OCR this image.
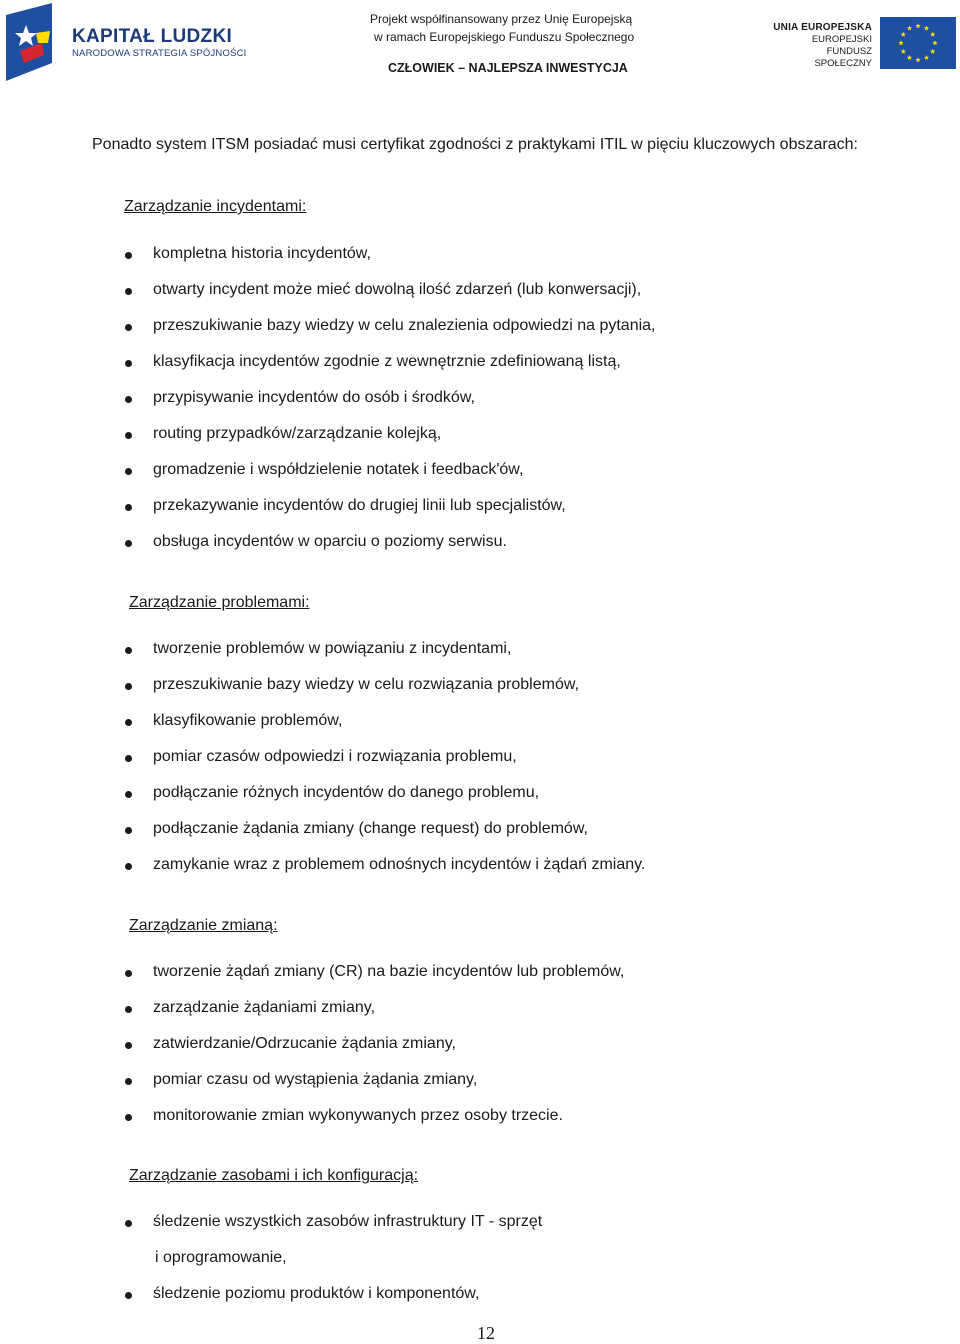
KAPITAŁ LUDZKI
NARODOWA STRATEGIA SPÓJNOŚCI
Projekt współfinansowany przez Unię Europejską
w ramach Europejskiego Funduszu Społecznego
CZŁOWIEK – NAJLEPSZA INWESTYCJA
UNIA EUROPEJSKA
EUROPEJSKI
FUNDUSZ SPOŁECZNY
Ponadto system ITSM posiadać musi certyfikat zgodności z praktykami ITIL w pięciu kluczowych obszarach:
Zarządzanie incydentami:
kompletna historia incydentów,
otwarty incydent może mieć dowolną ilość zdarzeń (lub konwersacji),
przeszukiwanie bazy wiedzy w celu znalezienia odpowiedzi na pytania,
klasyfikacja incydentów zgodnie z wewnętrznie zdefiniowaną listą,
przypisywanie incydentów do osób i środków,
routing przypadków/zarządzanie kolejką,
gromadzenie i współdzielenie notatek i feedback'ów,
przekazywanie incydentów do drugiej linii lub specjalistów,
obsługa incydentów w oparciu o poziomy serwisu.
Zarządzanie problemami:
tworzenie problemów w powiązaniu z incydentami,
przeszukiwanie bazy wiedzy w celu rozwiązania problemów,
klasyfikowanie problemów,
pomiar czasów odpowiedzi i rozwiązania problemu,
podłączanie różnych incydentów do danego problemu,
podłączanie żądania zmiany (change request) do problemów,
zamykanie wraz z problemem odnośnych incydentów i żądań zmiany.
Zarządzanie zmianą:
tworzenie żądań zmiany (CR) na bazie incydentów lub problemów,
zarządzanie żądaniami zmiany,
zatwierdzanie/Odrzucanie żądania zmiany,
pomiar czasu od wystąpienia żądania zmiany,
monitorowanie zmian wykonywanych przez osoby trzecie.
Zarządzanie zasobami i ich konfiguracją:
śledzenie wszystkich zasobów infrastruktury IT - sprzęt
i oprogramowanie,
śledzenie poziomu produktów i komponentów,
12
